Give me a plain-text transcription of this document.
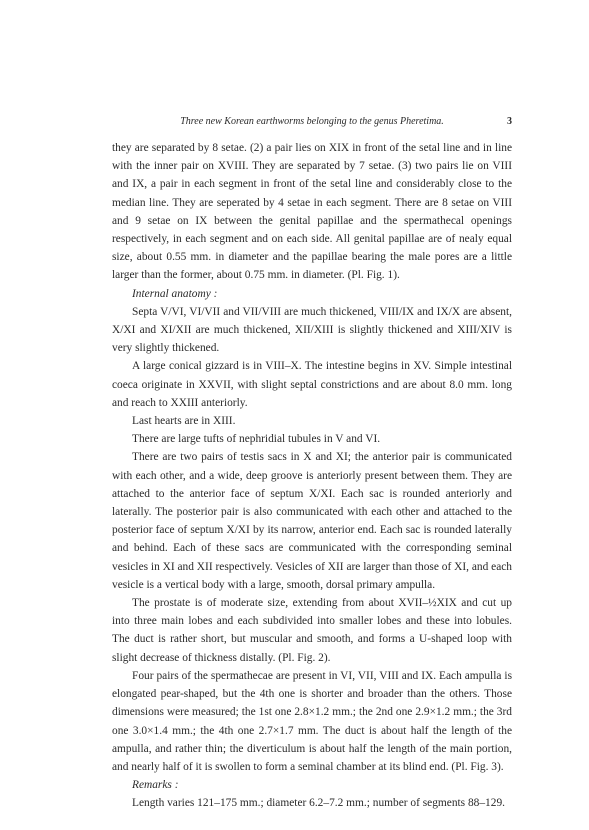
Three new Korean earthworms belonging to the genus Pheretima.	3

they are separated by 8 setae. (2) a pair lies on XIX in front of the setal line and in line with the inner pair on XVIII. They are separated by 7 setae. (3) two pairs lie on VIII and IX, a pair in each segment in front of the setal line and considerably close to the median line. They are seperated by 4 setae in each segment. There are 8 setae on VIII and 9 setae on IX between the genital papillae and the spermathecal openings respectively, in each segment and on each side. All genital papillae are of nealy equal size, about 0.55 mm. in diameter and the papillae bearing the male pores are a little larger than the former, about 0.75 mm. in diameter. (Pl. Fig. 1).

Internal anatomy :

Septa V/VI, VI/VII and VII/VIII are much thickened, VIII/IX and IX/X are absent, X/XI and XI/XII are much thickened, XII/XIII is slightly thickened and XIII/XIV is very slightly thickened.

A large conical gizzard is in VIII–X. The intestine begins in XV. Simple intestinal coeca originate in XXVII, with slight septal constrictions and are about 8.0 mm. long and reach to XXIII anteriorly.

Last hearts are in XIII.

There are large tufts of nephridial tubules in V and VI.

There are two pairs of testis sacs in X and XI; the anterior pair is communicated with each other, and a wide, deep groove is anteriorly present between them. They are attached to the anterior face of septum X/XI. Each sac is rounded anteriorly and laterally. The posterior pair is also communicated with each other and attached to the posterior face of septum X/XI by its narrow, anterior end. Each sac is rounded laterally and behind. Each of these sacs are communicated with the corresponding seminal vesicles in XI and XII respectively. Vesicles of XII are larger than those of XI, and each vesicle is a vertical body with a large, smooth, dorsal primary ampulla.

The prostate is of moderate size, extending from about XVII–½XIX and cut up into three main lobes and each subdivided into smaller lobes and these into lobules. The duct is rather short, but muscular and smooth, and forms a U-shaped loop with slight decrease of thickness distally. (Pl. Fig. 2).

Four pairs of the spermathecae are present in VI, VII, VIII and IX. Each ampulla is elongated pear-shaped, but the 4th one is shorter and broader than the others. Those dimensions were measured; the 1st one 2.8×1.2 mm.; the 2nd one 2.9×1.2 mm.; the 3rd one 3.0×1.4 mm.; the 4th one 2.7×1.7 mm. The duct is about half the length of the ampulla, and rather thin; the diverticulum is about half the length of the main portion, and nearly half of it is swollen to form a seminal chamber at its blind end. (Pl. Fig. 3).

Remarks :

Length varies 121–175 mm.; diameter 6.2–7.2 mm.; number of segments 88–129.
